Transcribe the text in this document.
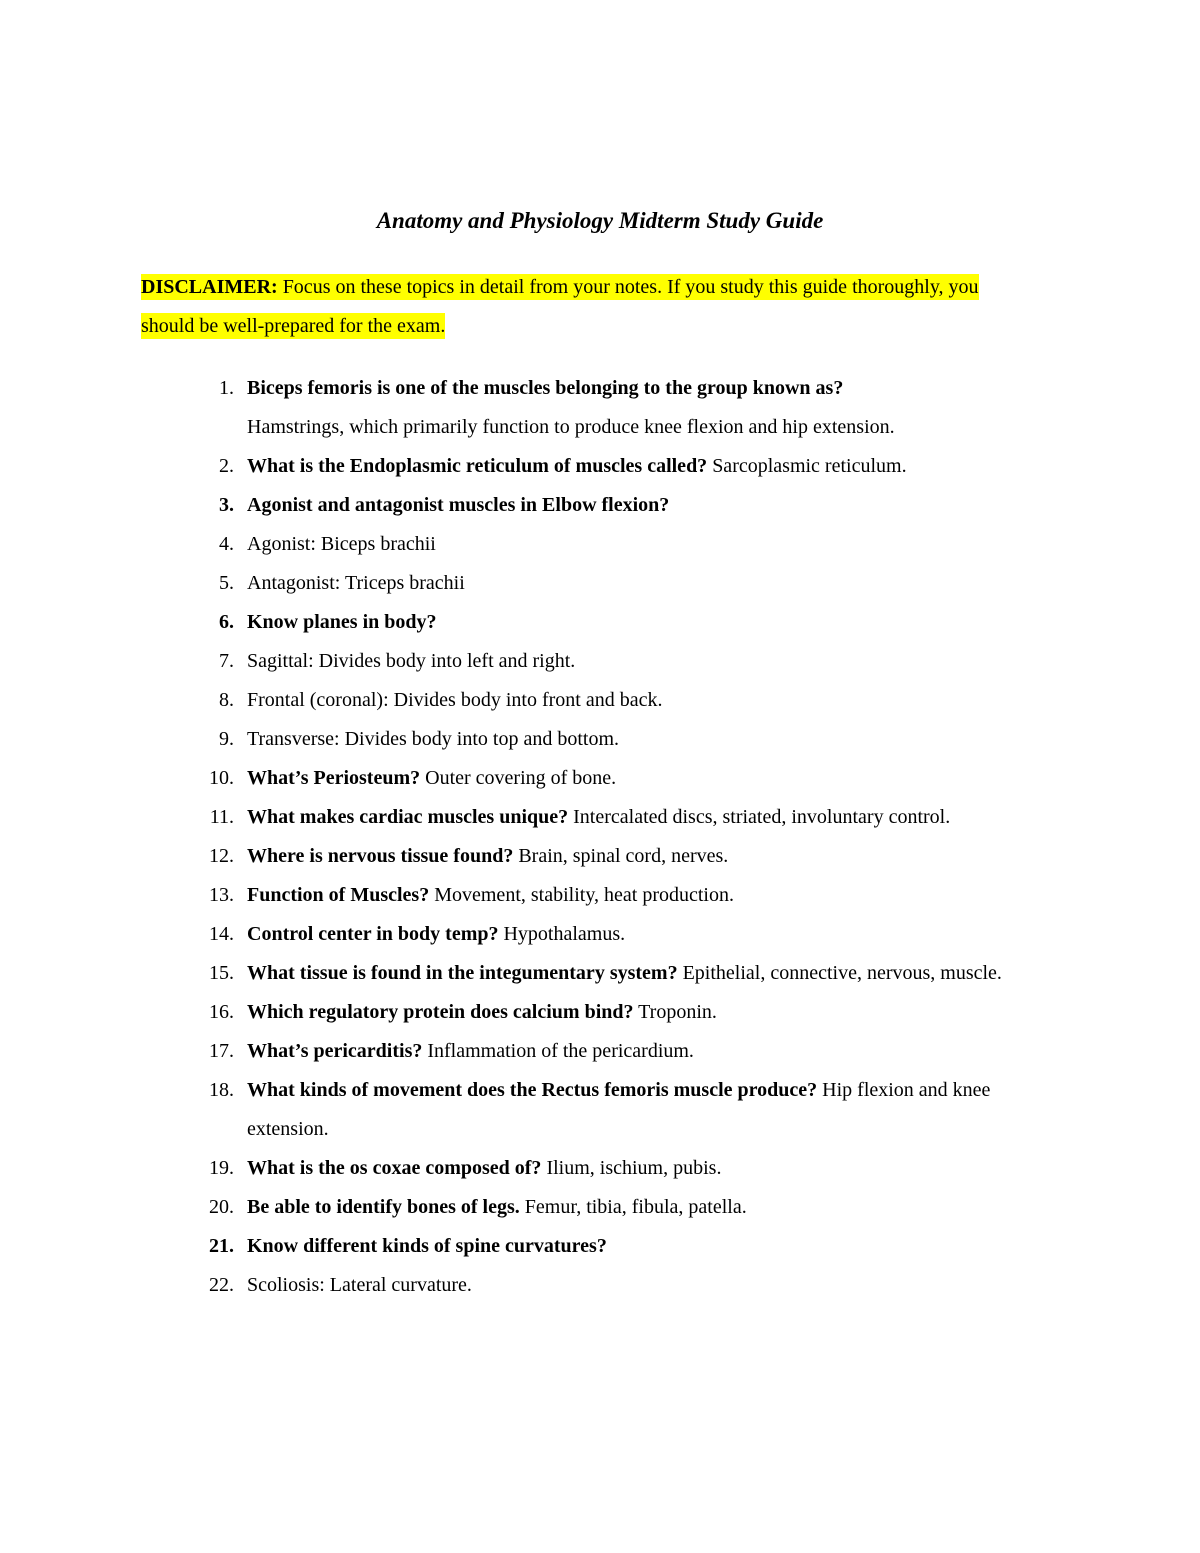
Anatomy and Physiology Midterm Study Guide
DISCLAIMER: Focus on these topics in detail from your notes. If you study this guide thoroughly, you should be well-prepared for the exam.
1. Biceps femoris is one of the muscles belonging to the group known as?
Hamstrings, which primarily function to produce knee flexion and hip extension.
2. What is the Endoplasmic reticulum of muscles called? Sarcoplasmic reticulum.
3. Agonist and antagonist muscles in Elbow flexion?
4. Agonist: Biceps brachii
5. Antagonist: Triceps brachii
6. Know planes in body?
7. Sagittal: Divides body into left and right.
8. Frontal (coronal): Divides body into front and back.
9. Transverse: Divides body into top and bottom.
10. What’s Periosteum? Outer covering of bone.
11. What makes cardiac muscles unique? Intercalated discs, striated, involuntary control.
12. Where is nervous tissue found? Brain, spinal cord, nerves.
13. Function of Muscles? Movement, stability, heat production.
14. Control center in body temp? Hypothalamus.
15. What tissue is found in the integumentary system? Epithelial, connective, nervous, muscle.
16. Which regulatory protein does calcium bind? Troponin.
17. What’s pericarditis? Inflammation of the pericardium.
18. What kinds of movement does the Rectus femoris muscle produce? Hip flexion and knee extension.
19. What is the os coxae composed of? Ilium, ischium, pubis.
20. Be able to identify bones of legs. Femur, tibia, fibula, patella.
21. Know different kinds of spine curvatures?
22. Scoliosis: Lateral curvature.
